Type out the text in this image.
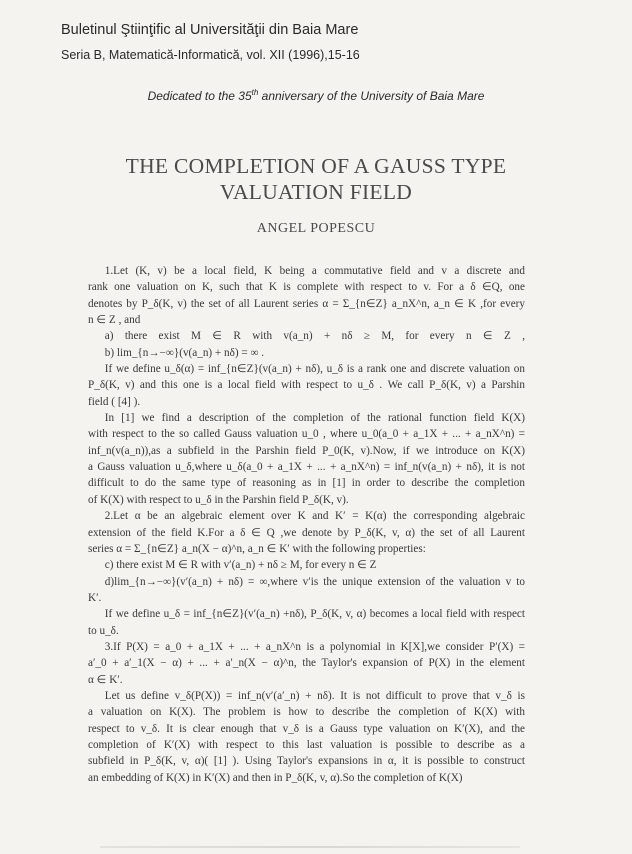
Buletinul Ştiinţific al Universităţii din Baia Mare
Seria B, Matematică-Informatică, vol. XII (1996),15-16
Dedicated to the 35th anniversary of the University of Baia Mare
THE COMPLETION OF A GAUSS TYPE
VALUATION FIELD
ANGEL POPESCU
  1.Let (K, v) be a local field, K being a commutative field and v a discrete and
rank one valuation on K, such that K is complete with respect to v. For a δ ∈Q, one
denotes by P_δ(K, v) the set of all Laurent series α = Σ_{n∈Z} a_nX^n, a_n ∈ K ,for every
n ∈ Z , and
  a) there exist M ∈ R with v(a_n) + nδ ≥ M, for every n ∈ Z ,
  b) lim_{n→−∞}(v(a_n) + nδ) = ∞ .
  If we define u_δ(α) = inf_{n∈Z}(v(a_n) + nδ), u_δ is a rank one and discrete valuation on
P_δ(K, v) and this one is a local field with respect to u_δ . We call P_δ(K, v) a Parshin
field ( [4] ).
  In [1] we find a description of the completion of the rational function field K(X)
with respect to the so called Gauss valuation u_0 , where u_0(a_0 + a_1X + ... + a_nX^n) =
inf_n(v(a_n)),as a subfield in the Parshin field P_0(K, v).Now, if we introduce on K(X)
a Gauss valuation u_δ,where u_δ(a_0 + a_1X + ... + a_nX^n) = inf_n(v(a_n) + nδ), it is not
difficult to do the same type of reasoning as in [1] in order to describe the completion
of K(X) with respect to u_δ in the Parshin field P_δ(K, v).
  2.Let α be an algebraic element over K and K′ = K(α) the corresponding algebraic
extension of the field K.For a δ ∈ Q ,we denote by P_δ(K, v, α) the set of all Laurent
series α = Σ_{n∈Z} a_n(X − α)^n, a_n ∈ K′ with the following properties:
  c) there exist M ∈ R with v′(a_n) + nδ ≥ M, for every n ∈ Z
  d)lim_{n→−∞}(v′(a_n) + nδ) = ∞,where v′is the unique extension of the valuation v to
K′.
  If we define u_δ = inf_{n∈Z}(v′(a_n) +nδ), P_δ(K, v, α) becomes a local field with respect
to u_δ.
  3.If P(X) = a_0 + a_1X + ... + a_nX^n is a polynomial in K[X],we consider P′(X) =
a′_0 + a′_1(X − α) + ... + a′_n(X − α)^n, the Taylor's expansion of P(X) in the element
α ∈ K′.
  Let us define v_δ(P(X)) = inf_n(v′(a′_n) + nδ). It is not difficult to prove that v_δ is
a valuation on K(X). The problem is how to describe the completion of K(X) with
respect to v_δ. It is clear enough that v_δ is a Gauss type valuation on K′(X), and the
completion of K′(X) with respect to this last valuation is possible to describe as a
subfield in P_δ(K, v, α)( [1] ). Using Taylor's expansions in α, it is possible to construct
an embedding of K(X) in K′(X) and then in P_δ(K, v, α).So the completion of K(X)
